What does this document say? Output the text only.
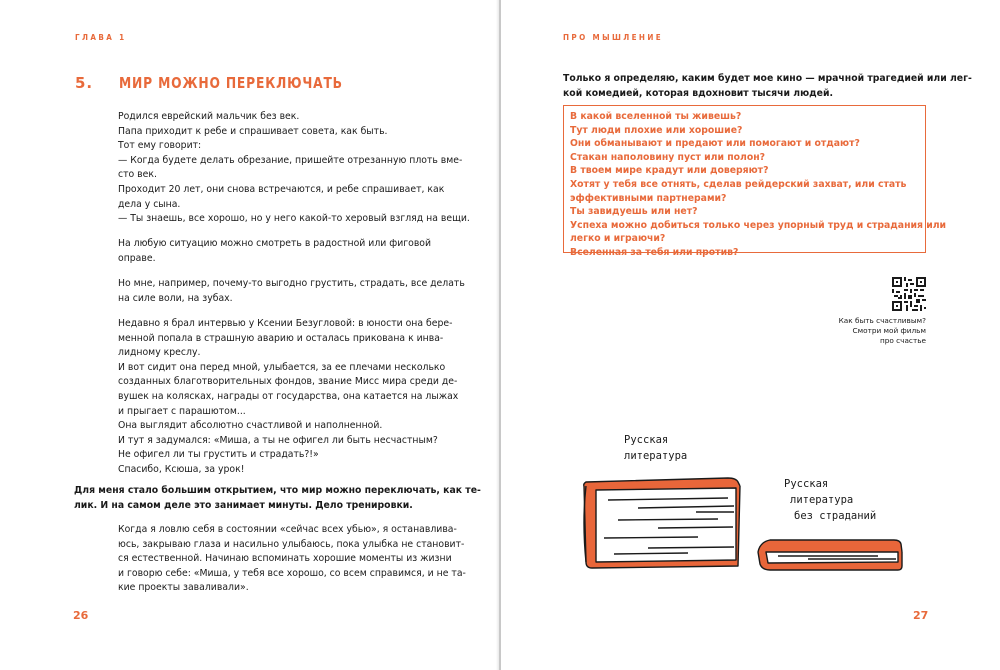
ГЛАВА 1
5. МИР МОЖНО ПЕРЕКЛЮЧАТЬ
Родился еврейский мальчик без век.
Папа приходит к ребе и спрашивает совета, как быть.
Тот ему говорит:
— Когда будете делать обрезание, пришейте отрезанную плоть вме-
сто век.
Проходит 20 лет, они снова встречаются, и ребе спрашивает, как
дела у сына.
— Ты знаешь, все хорошо, но у него какой-то херовый взгляд на вещи.
На любую ситуацию можно смотреть в радостной или фиговой
оправе.
Но мне, например, почему-то выгодно грустить, страдать, все делать
на силе воли, на зубах.
Недавно я брал интервью у Ксении Безугловой: в юности она бере-
менной попала в страшную аварию и осталась прикована к инва-
лидному креслу.
И вот сидит она перед мной, улыбается, за ее плечами несколько
созданных благотворительных фондов, звание Мисс мира среди де-
вушек на колясках, награды от государства, она катается на лыжах
и прыгает с парашютом...
Она выглядит абсолютно счастливой и наполненной.
И тут я задумался: «Миша, а ты не офигел ли быть несчастным?
Не офигел ли ты грустить и страдать?!»
Спасибо, Ксюша, за урок!
Для меня стало большим открытием, что мир можно переключать, как те-
лик. И на самом деле это занимает минуты. Дело тренировки.
Когда я ловлю себя в состоянии «сейчас всех убью», я останавлива-
юсь, закрываю глаза и насильно улыбаюсь, пока улыбка не становит-
ся естественной. Начинаю вспоминать хорошие моменты из жизни
и говорю себе: «Миша, у тебя все хорошо, со всем справимся, и не та-
кие проекты заваливали».
26
ПРО МЫШЛЕНИЕ
Только я определяю, каким будет мое кино — мрачной трагедией или лег-
кой комедией, которая вдохновит тысячи людей.
В какой вселенной ты живешь?
Тут люди плохие или хорошие?
Они обманывают и предают или помогают и отдают?
Стакан наполовину пуст или полон?
В твоем мире крадут или доверяют?
Хотят у тебя все отнять, сделав рейдерский захват, или стать
эффективными партнерами?
Ты завидуешь или нет?
Успеха можно добиться только через упорный труд и страдания или
легко и играючи?
Вселенная за тебя или против?
Как быть счастливым?
Смотри мой фильм
про счастье
Русская
литература
Русская
литература
без страданий
27
